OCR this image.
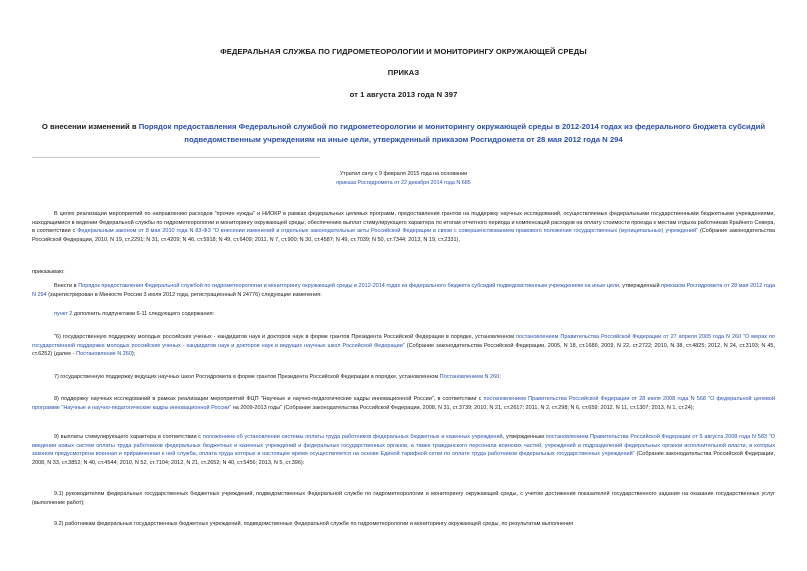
ФЕДЕРАЛЬНАЯ СЛУЖБА ПО ГИДРОМЕТЕОРОЛОГИИ И МОНИТОРИНГУ ОКРУЖАЮЩЕЙ СРЕДЫ
ПРИКАЗ
от 1 августа 2013 года N 397
О внесении изменений в Порядок предоставления Федеральной службой по гидрометеорологии и мониторингу окружающей среды в 2012-2014 годах из федерального бюджета субсидий подведомственным учреждениям на иные цели, утвержденный приказом Росгидромета от 28 мая 2012 года N 294
Утратил силу с 9 февраля 2015 года на основании
приказа Росгидромета от 22 декабря 2014 года N 685
В целях реализации мероприятий по направлению расходов "прочие нужды" и НИОКР в рамках федеральных целевых программ, предоставления грантов на поддержку научных исследований, осуществляемых федеральными государственными бюджетными учреждениями, находящимися в ведении Федеральной службы по гидрометеорологии и мониторингу окружающей среды, обеспечению выплат стимулирующего характера по итогам отчетного периода и компенсаций расходов на оплату стоимости проезда к местам отдыха работникам Крайнего Севера, в соответствии с Федеральным законом от 8 мая 2010 года N 83-ФЗ "О внесении изменений в отдельные законодательные акты Российской Федерации в связи с совершенствованием правового положения государственных (муниципальных) учреждений" (Собрание законодательства Российской Федерации, 2010, N 19, ст.2291; N 31, ст.4209; N 46, ст.5918; N 49, ст.6409; 2011, N 7, ст.900; N 30, ст.4587; N 49, ст.7039; N 50, ст.7344; 2013, N 19, ст.2331),
приказываю:
Внести в Порядок предоставления Федеральной службой по гидрометеорологии и мониторингу окружающей среды в 2012-2014 годах из федерального бюджета субсидий подведомственным учреждениям на иные цели, утвержденный приказом Росгидромета от 28 мая 2012 года N 294 (зарегистрирован в Минюсте России 3 июля 2012 года, регистрационный N 24776) следующие изменения:
пункт 2 дополнить подпунктами 6-11 следующего содержания:
"6) государственную поддержку молодых российских ученых - кандидатов наук и докторов наук в форме грантов Президента Российской Федерации в порядке, установленном постановлением Правительства Российской Федерации от 27 апреля 2005 года N 260 "О мерах по государственной поддержке молодых российских ученых - кандидатов наук и докторов наук и ведущих научных школ Российской Федерации" (Собрание законодательства Российской Федерации, 2005, N 18, ст.1686; 2009, N 22, ст.2722; 2010, N 38, ст.4825; 2012, N 24, ст.3193; N 45, ст.6252) (далее - Постановление N 260);
7) государственную поддержку ведущих научных школ Росгидромета в форме грантов Президента Российской Федерации в порядке, установленном Постановлением N 260;
8) поддержку научных исследований в рамках реализации мероприятий ФЦП "Научные и научно-педагогические кадры инновационной России", в соответствии с постановлением Правительства Российской Федерации от 28 июля 2008 года N 568 "О федеральной целевой программе "Научные и научно-педагогические кадры инновационной России" на 2009-2013 годы" (Собрание законодательства Российской Федерации, 2008, N 31, ст.3739; 2010, N 21, ст.2617; 2011, N 2, ст.298; N 6, ст.659; 2012, N 11, ст.1307; 2013, N 1, ст.24);
9) выплаты стимулирующего характера в соответствии с положением об установлении системы оплаты труда работников федеральных бюджетных и казенных учреждений, утвержденным постановлением Правительства Российской Федерации от 5 августа 2008 года N 583 "О введении новых систем оплаты труда работников федеральных бюджетных и казенных учреждений и федеральных государственных органов, а также гражданского персонала воинских частей, учреждений и подразделений федеральных органов исполнительной власти, в которых законом предусмотрена военная и приравненная к ней служба, оплата труда которых в настоящее время осуществляется на основе Единой тарифной сетки по оплате труда работников федеральных государственных учреждений" (Собрание законодательства Российской Федерации, 2008, N 33, ст.3852; N 40, ст.4544; 2010, N 52, ст.7104; 2012, N 21, ст.2652; N 40, ст.5456; 2013, N 5, ст.396):
9.1) руководителям федеральных государственных бюджетных учреждений, подведомственных Федеральной службе по гидрометеорологии и мониторингу окружающей среды, с учетом достижения показателей государственного задания на оказание государственных услуг (выполнение работ);
9.2) работникам федеральных государственных бюджетных учреждений, подведомственных Федеральной службе по гидрометеорологии и мониторингу окружающей среды, по результатам выполнения
